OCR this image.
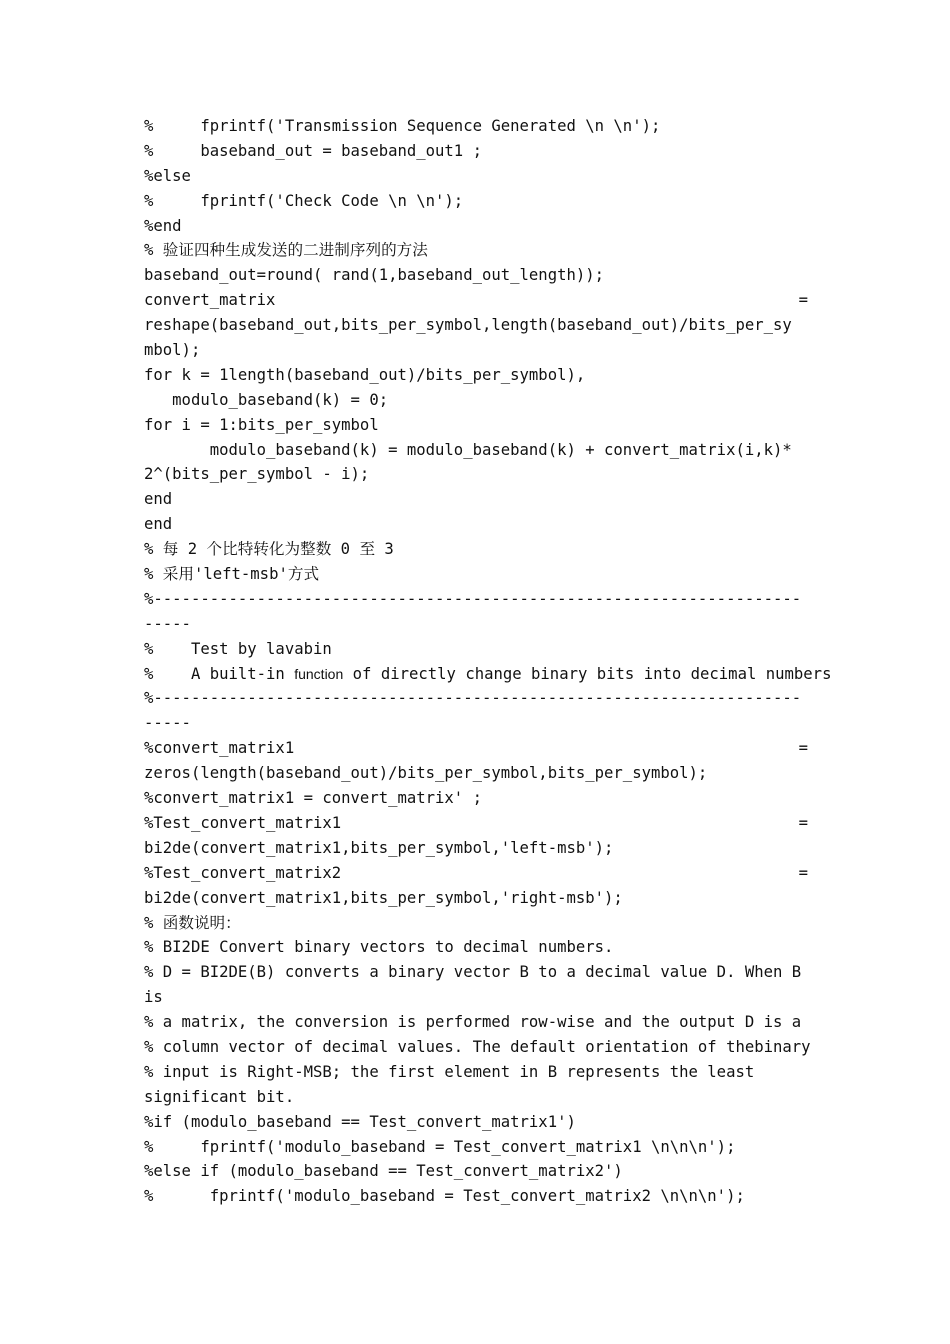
%     fprintf('Transmission Sequence Generated \n \n');
%     baseband_out = baseband_out1 ;
%else
%     fprintf('Check Code \n \n');
%end
% 验证四种生成发送的二进制序列的方法
baseband_out=round( rand(1,baseband_out_length));
convert_matrix	=
reshape(baseband_out,bits_per_symbol,length(baseband_out)/bits_per_sy
mbol);
for k = 1length(baseband_out)/bits_per_symbol),
modulo_baseband(k) = 0;
for i = 1:bits_per_symbol
modulo_baseband(k) = modulo_baseband(k) + convert_matrix(i,k)*
2^(bits_per_symbol - i);
end
end
% 每 2 个比特转化为整数 0 至 3
% 采用'left-msb'方式
%---------------------------------------------------------------------
-----
%    Test by lavabin
%    A built-in function of directly change binary bits into decimal numbers
%---------------------------------------------------------------------
-----
%convert_matrix1	=
zeros(length(baseband_out)/bits_per_symbol,bits_per_symbol);
%convert_matrix1 = convert_matrix' ;
%Test_convert_matrix1	=
bi2de(convert_matrix1,bits_per_symbol,'left-msb');
%Test_convert_matrix2	=
bi2de(convert_matrix1,bits_per_symbol,'right-msb');
% 函数说明：
% BI2DE Convert binary vectors to decimal numbers.
% D = BI2DE(B) converts a binary vector B to a decimal value D. When B
is
% a matrix, the conversion is performed row-wise and the output D is a
% column vector of decimal values. The default orientation of thebinary
% input is Right-MSB; the first element in B represents the least
significant bit.
%if (modulo_baseband == Test_convert_matrix1')
%     fprintf('modulo_baseband = Test_convert_matrix1 \n\n\n');
%else if (modulo_baseband == Test_convert_matrix2')
%      fprintf('modulo_baseband = Test_convert_matrix2 \n\n\n');
